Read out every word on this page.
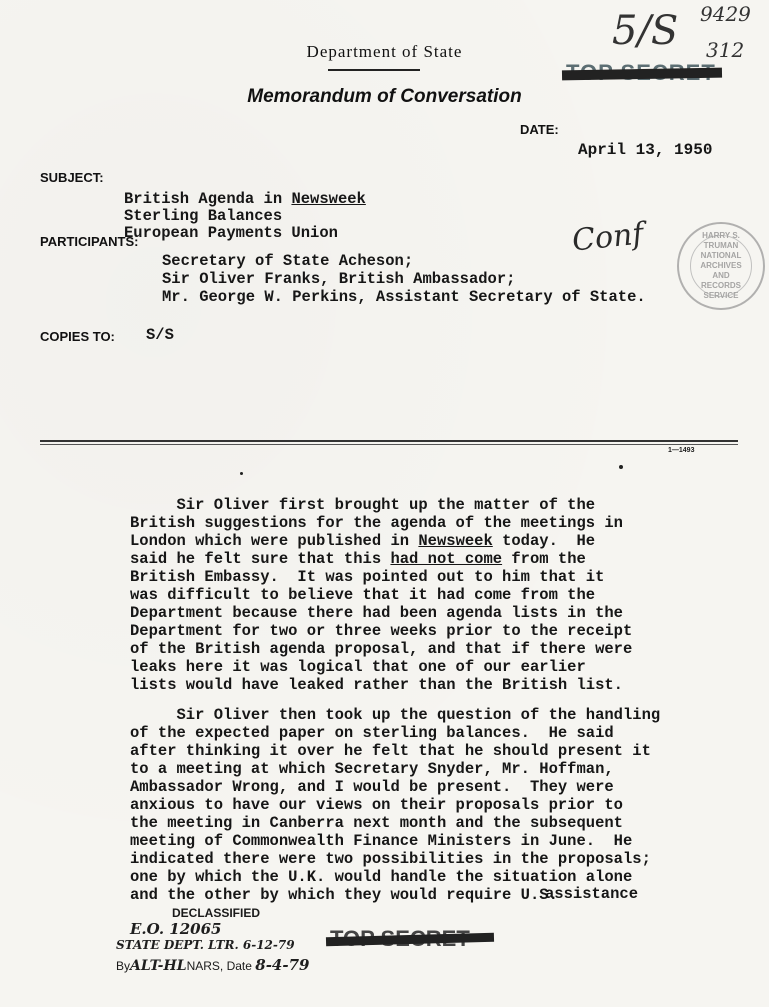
5/S 9429
312
Department of State
Memorandum of Conversation
DATE:
April 13, 1950
SUBJECT:
British Agenda in Newsweek
Sterling Balances
European Payments Union
PARTICIPANTS:
Secretary of State Acheson;
Sir Oliver Franks, British Ambassador;
Mr. George W. Perkins, Assistant Secretary of State.
Conf	HARRY S. TRUMAN
NATIONAL
ARCHIVES AND
RECORDS
SERVICE
COPIES TO: S/S
1—1493
Sir Oliver first brought up the matter of the
British suggestions for the agenda of the meetings in
London which were published in Newsweek today.  He
said he felt sure that this had not come from the
British Embassy.  It was pointed out to him that it
was difficult to believe that it had come from the
Department because there had been agenda lists in the
Department for two or three weeks prior to the receipt
of the British agenda proposal, and that if there were
leaks here it was logical that one of our earlier
lists would have leaked rather than the British list.
Sir Oliver then took up the question of the handling
of the expected paper on sterling balances.  He said
after thinking it over he felt that he should present it
to a meeting at which Secretary Snyder, Mr. Hoffman,
Ambassador Wrong, and I would be present.  They were
anxious to have our views on their proposals prior to
the meeting in Canberra next month and the subsequent
meeting of Commonwealth Finance Ministers in June.  He
indicated there were two possibilities in the proposals;
one by which the U.K. would handle the situation alone
and the other by which they would require U.S.
assistance
DECLASSIFIED
E.O. 12065
STATE DEPT. LTR. 6-12-79
ByALT-HLNARS, Date 8-4-79
